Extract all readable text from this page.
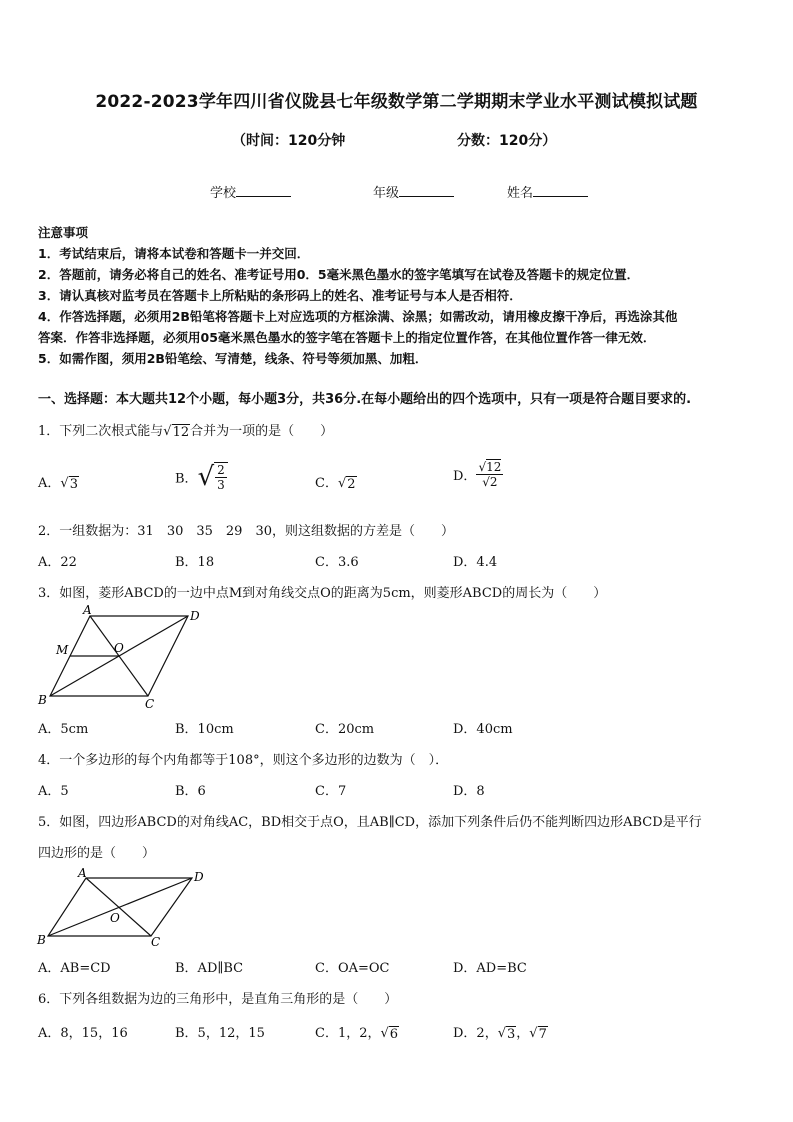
2022-2023学年四川省仪陇县七年级数学第二学期期末学业水平测试模拟试题
（时间：120分钟	分数：120分）
学校	年级	姓名
注意事项
1．考试结束后，请将本试卷和答题卡一并交回．
2．答题前，请务必将自己的姓名、准考证号用0．5毫米黑色墨水的签字笔填写在试卷及答题卡的规定位置．
3．请认真核对监考员在答题卡上所粘贴的条形码上的姓名、准考证号与本人是否相符．
4．作答选择题，必须用2B铅笔将答题卡上对应选项的方框涂满、涂黑；如需改动，请用橡皮擦干净后，再选涂其他
答案．作答非选择题，必须用05毫米黑色墨水的签字笔在答题卡上的指定位置作答，在其他位置作答一律无效．
5．如需作图，须用2B铅笔绘、写清楚，线条、符号等须加黑、加粗．
一、选择题：本大题共12个小题，每小题3分，共36分.在每小题给出的四个选项中，只有一项是符合题目要求的.
1．下列二次根式能与 √ 12 合并为一项的是（　　）
A． √ 3	B． √ $\frac{2}{3}$	C． √ 2	D． $\frac{√12}{√2}$
2．一组数据为：31　30　35　29　30，则这组数据的方差是（　　）
A．22	B．18	C．3.6	D．4.4
3．如图，菱形ABCD的一边中点M到对角线交点O的距离为5cm，则菱形ABCD的周长为（　　）
A	D
M	O
B	C
A．5cm	B．10cm	C．20cm	D．40cm
4．一个多边形的每个内角都等于108°，则这个多边形的边数为（　）．
A．5	B．6	C．7	D．8
5．如图，四边形ABCD的对角线AC，BD相交于点O，且AB∥CD，添加下列条件后仍不能判断四边形ABCD是平行
四边形的是（　　）
A	D
O
B	C
A．AB=CD	B．AD∥BC	C．OA=OC	D．AD=BC
6．下列各组数据为边的三角形中，是直角三角形的是（　　）
A．8，15，16	B．5，12，15	C．1，2， √ 6	D．2， √ 3 ， √ 7
